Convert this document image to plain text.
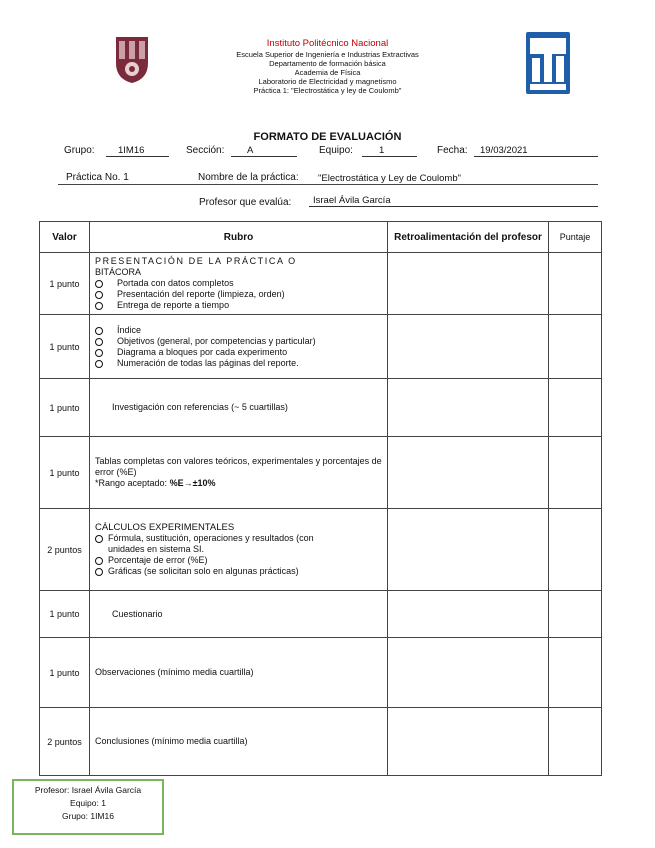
Instituto Politécnico Nacional
Escuela Superior de Ingeniería e Industrias Extractivas
Departamento de formación básica
Academia de Física
Laboratorio de Electricidad y magnetismo
Práctica 1: "Electrostática y ley de Coulomb"
FORMATO DE EVALUACIÓN
Grupo:	1IM16	Sección:	A	Equipo:	1	Fecha:	19/03/2021
Práctica No. 1	Nombre de la práctica: "Electrostática y Ley de Coulomb"
Profesor que evalúa:	Israel Ávila García
Valor	Rubro	Retroalimentación del profesor	Puntaje
1 punto	PRESENTACIÓN DE LA PRÁCTICA O
BITÁCORA
Portada con datos completos
Presentación del reporte (limpieza, orden)
Entrega de reporte a tiempo		

1 punto	Índice
Objetivos (general, por competencias y particular)
Diagrama a bloques por cada experimento
Numeración de todas las páginas del reporte.		

1 punto	Investigación con referencias (~ 5 cuartillas)		
1 punto	Tablas completas con valores teóricos, experimentales y porcentajes de error (%E)
*Rango aceptado: %E→±10%		

2 puntos	CÁLCULOS EXPERIMENTALES
Fórmula, sustitución, operaciones y resultados (con
unidades en sistema SI.
Porcentaje de error (%E)
Gráficas (se solicitan solo en algunas prácticas)		

1 punto	Cuestionario		
1 punto	Observaciones (mínimo media cuartilla)		
2 puntos	Conclusiones (mínimo media cuartilla)		
Profesor: Israel Ávila García
Equipo: 1
Grupo: 1IM16
